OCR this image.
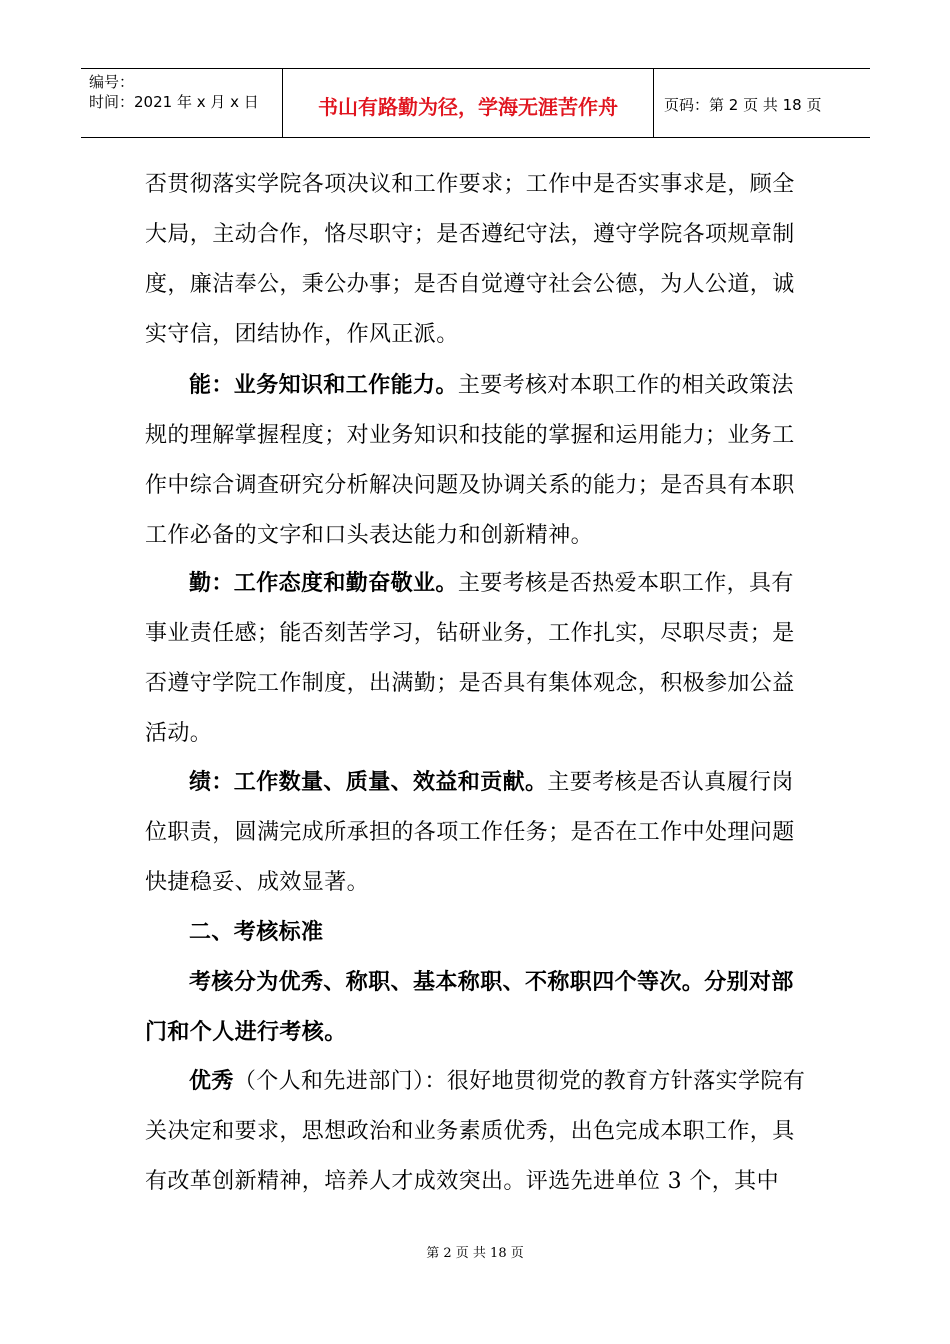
编号：
时间：2021 年 x 月 x 日	书山有路勤为径，学海无涯苦作舟	页码：第 2 页 共 18 页
否贯彻落实学院各项决议和工作要求；工作中是否实事求是，顾全大局，主动合作，恪尽职守；是否遵纪守法，遵守学院各项规章制度，廉洁奉公，秉公办事；是否自觉遵守社会公德，为人公道，诚实守信，团结协作，作风正派。
能：业务知识和工作能力。主要考核对本职工作的相关政策法规的理解掌握程度；对业务知识和技能的掌握和运用能力；业务工作中综合调查研究分析解决问题及协调关系的能力；是否具有本职工作必备的文字和口头表达能力和创新精神。
勤：工作态度和勤奋敬业。主要考核是否热爱本职工作，具有事业责任感；能否刻苦学习，钻研业务，工作扎实，尽职尽责；是否遵守学院工作制度，出满勤；是否具有集体观念，积极参加公益活动。
绩：工作数量、质量、效益和贡献。主要考核是否认真履行岗位职责，圆满完成所承担的各项工作任务；是否在工作中处理问题快捷稳妥、成效显著。
二、考核标准
考核分为优秀、称职、基本称职、不称职四个等次。分别对部门和个人进行考核。
优秀（个人和先进部门）：很好地贯彻党的教育方针落实学院有关决定和要求，思想政治和业务素质优秀，出色完成本职工作，具有改革创新精神，培养人才成效突出。评选先进单位 3 个，其中
第 2 页 共 18 页
